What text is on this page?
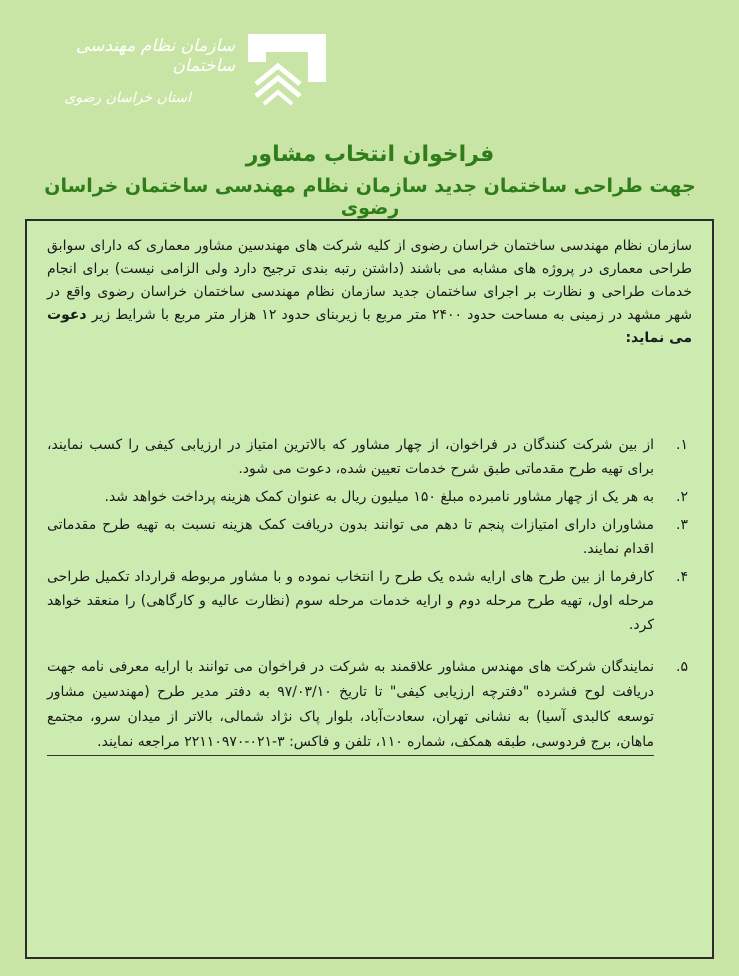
سازمان نظام مهندسی ساختمان
استان خراسان رضوی
فراخوان انتخاب مشاور
جهت طراحی ساختمان جدید سازمان نظام مهندسی ساختمان خراسان رضوی
سازمان نظام مهندسی ساختمان خراسان رضوی از کلیه شرکت های مهندسین مشاور معماری که دارای سوابق طراحی معماری در پروژه های مشابه می باشند (داشتن رتبه بندی ترجیح دارد ولی الزامی نیست) برای انجام خدمات طراحی و نظارت بر اجرای ساختمان جدید سازمان نظام مهندسی ساختمان خراسان رضوی واقع در شهر مشهد در زمینی به مساحت حدود ۲۴۰۰ متر مربع با زیربنای حدود ۱۲ هزار متر مربع با شرایط زیر دعوت می نماید:
۱.
از بین شرکت کنندگان در فراخوان، از چهار مشاور که بالاترین امتیاز در ارزیابی کیفی را کسب نمایند، برای تهیه طرح مقدماتی طبق شرح خدمات تعیین شده، دعوت می شود.
۲.
به هر یک از چهار مشاور نامبرده مبلغ ۱۵۰ میلیون ریال به عنوان کمک هزینه پرداخت خواهد شد.
۳.
مشاوران دارای امتیازات پنجم تا دهم می توانند بدون دریافت کمک هزینه نسبت به تهیه طرح مقدماتی اقدام نمایند.
۴.
کارفرما از بین طرح های ارایه شده یک طرح را انتخاب نموده و با مشاور مربوطه قرارداد تکمیل طراحی مرحله اول، تهیه طرح مرحله دوم و ارایه خدمات مرحله سوم (نظارت عالیه و کارگاهی) را منعقد خواهد کرد.
۵.
نمایندگان شرکت های مهندس مشاور علاقمند به شرکت در فراخوان می توانند با ارایه معرفی نامه جهت دریافت لوح فشرده "دفترچه ارزیابی کیفی" تا تاریخ ۹۷/۰۳/۱۰ به دفتر مدیر طرح (مهندسین مشاور توسعه کالبدی آسیا) به نشانی تهران، سعادت‌آباد، بلوار پاک نژاد شمالی، بالاتر از میدان سرو، مجتمع ماهان، برج فردوسی، طبقه همکف، شماره ۱۱۰، تلفن و فاکس: ۳-۰۲۱-۲۲۱۱۰۹۷۰ مراجعه نمایند.
